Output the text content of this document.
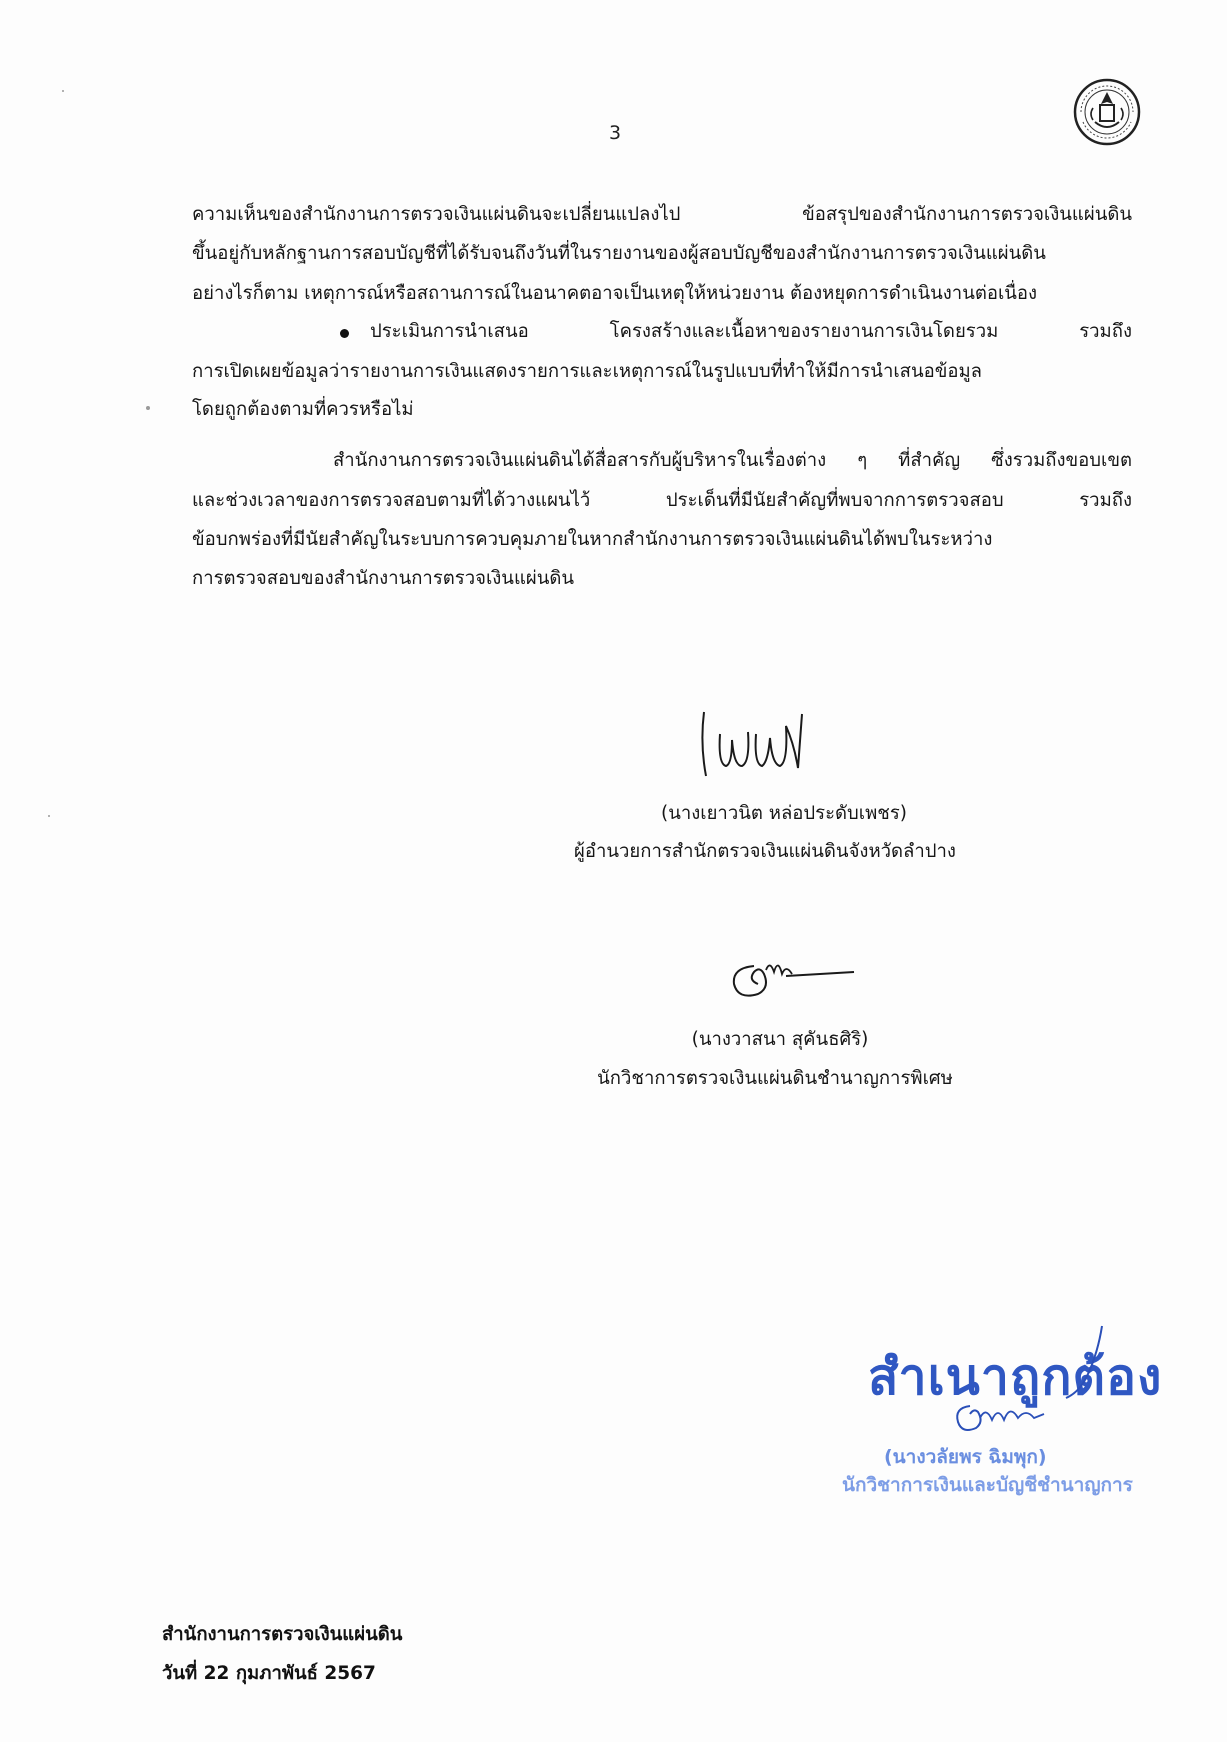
3
ความเห็นของสำนักงานการตรวจเงินแผ่นดินจะเปลี่ยนแปลงไป ข้อสรุปของสำนักงานการตรวจเงินแผ่นดิน
ขึ้นอยู่กับหลักฐานการสอบบัญชีที่ได้รับจนถึงวันที่ในรายงานของผู้สอบบัญชีของสำนักงานการตรวจเงินแผ่นดิน
อย่างไรก็ตาม เหตุการณ์หรือสถานการณ์ในอนาคตอาจเป็นเหตุให้หน่วยงาน ต้องหยุดการดำเนินงานต่อเนื่อง
ประเมินการนำเสนอ โครงสร้างและเนื้อหาของรายงานการเงินโดยรวม รวมถึง
การเปิดเผยข้อมูลว่ารายงานการเงินแสดงรายการและเหตุการณ์ในรูปแบบที่ทำให้มีการนำเสนอข้อมูล
โดยถูกต้องตามที่ควรหรือไม่
สำนักงานการตรวจเงินแผ่นดินได้สื่อสารกับผู้บริหารในเรื่องต่าง ๆ ที่สำคัญ ซึ่งรวมถึงขอบเขต
และช่วงเวลาของการตรวจสอบตามที่ได้วางแผนไว้ ประเด็นที่มีนัยสำคัญที่พบจากการตรวจสอบ รวมถึง
ข้อบกพร่องที่มีนัยสำคัญในระบบการควบคุมภายในหากสำนักงานการตรวจเงินแผ่นดินได้พบในระหว่าง
การตรวจสอบของสำนักงานการตรวจเงินแผ่นดิน
(นางเยาวนิต หล่อประดับเพชร)
ผู้อำนวยการสำนักตรวจเงินแผ่นดินจังหวัดลำปาง
(นางวาสนา สุคันธศิริ)
นักวิชาการตรวจเงินแผ่นดินชำนาญการพิเศษ
สำเนาถูกต้อง
(นางวลัยพร ฉิมพุก)
นักวิชาการเงินและบัญชีชำนาญการ
สำนักงานการตรวจเงินแผ่นดิน
วันที่ 22 กุมภาพันธ์ 2567
